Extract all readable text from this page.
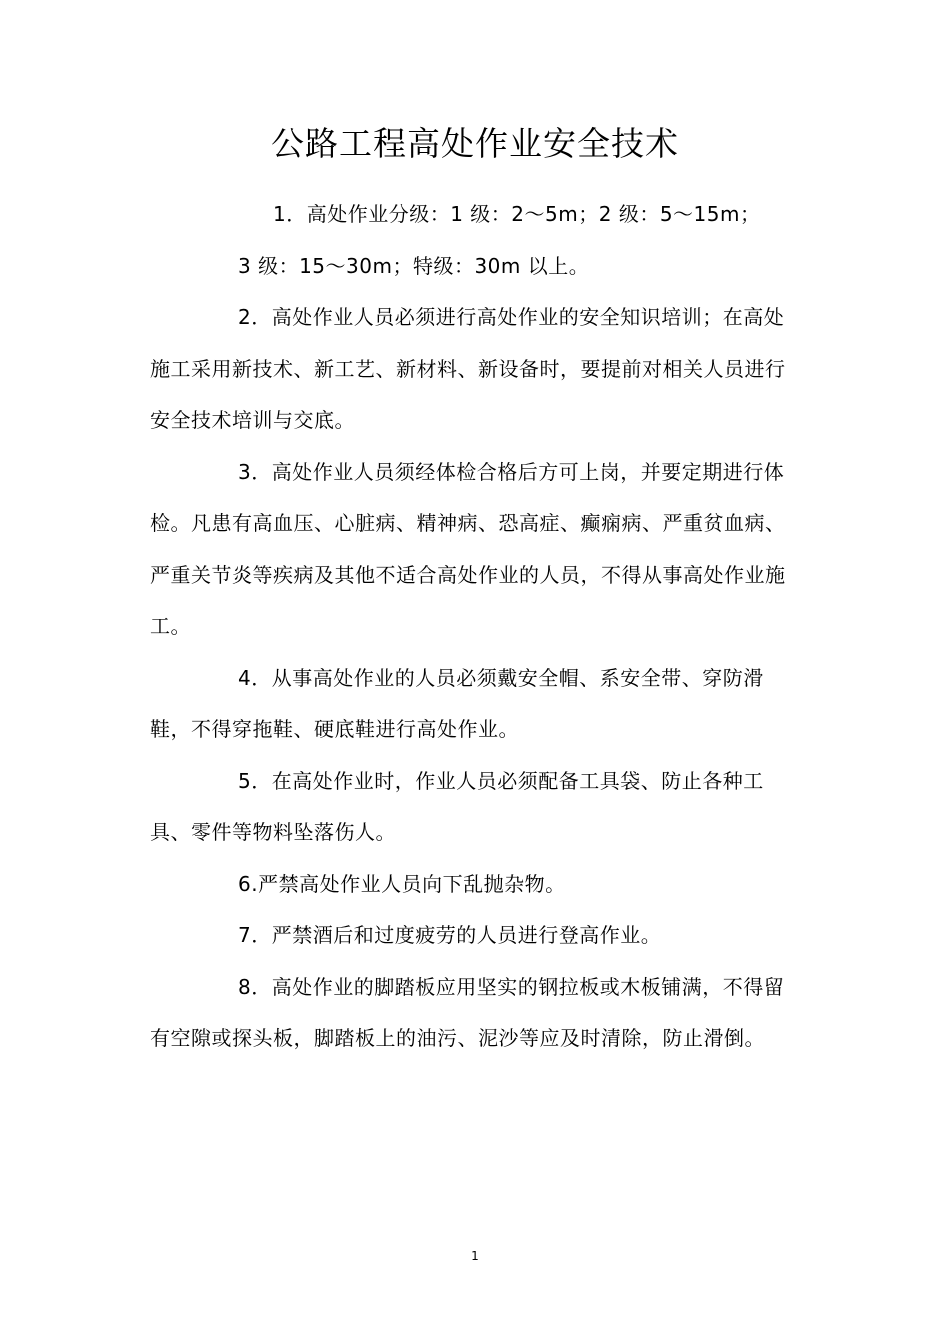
公路工程高处作业安全技术

1．高处作业分级：1 级：2～5m；2 级：5～15m；

3 级：15～30m；特级：30m 以上。

2．高处作业人员必须进行高处作业的安全知识培训；在高处施工采用新技术、新工艺、新材料、新设备时，要提前对相关人员进行安全技术培训与交底。

3．高处作业人员须经体检合格后方可上岗，并要定期进行体检。凡患有高血压、心脏病、精神病、恐高症、癫痫病、严重贫血病、严重关节炎等疾病及其他不适合高处作业的人员，不得从事高处作业施工。

4．从事高处作业的人员必须戴安全帽、系安全带、穿防滑鞋，不得穿拖鞋、硬底鞋进行高处作业。

5．在高处作业时，作业人员必须配备工具袋、防止各种工具、零件等物料坠落伤人。

6.严禁高处作业人员向下乱抛杂物。

7．严禁酒后和过度疲劳的人员进行登高作业。

8．高处作业的脚踏板应用坚实的钢拉板或木板铺满，不得留有空隙或探头板，脚踏板上的油污、泥沙等应及时清除，防止滑倒。

1
